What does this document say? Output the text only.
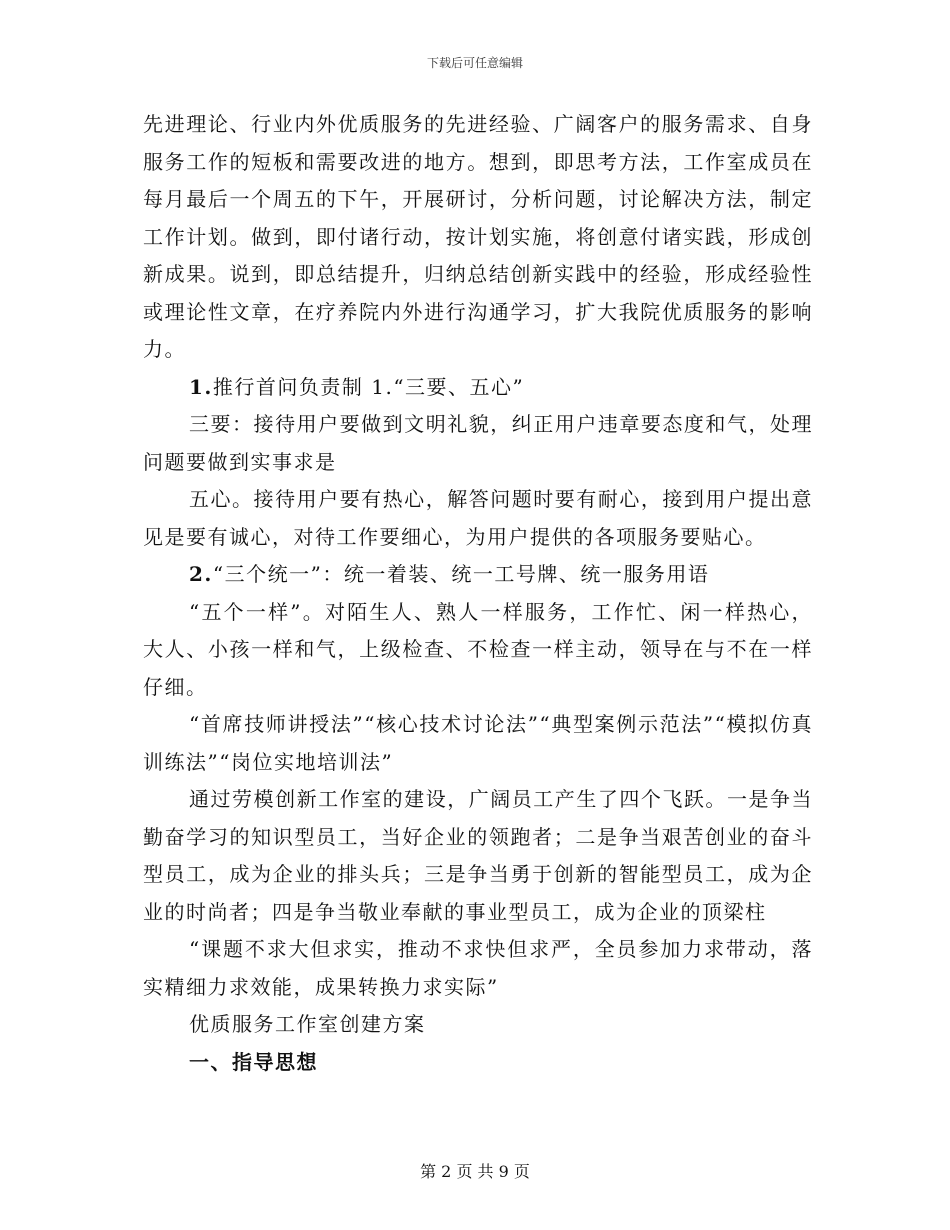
下载后可任意编辑

先进理论、行业内外优质服务的先进经验、广阔客户的服务需求、自身服务工作的短板和需要改进的地方。想到，即思考方法，工作室成员在每月最后一个周五的下午，开展研讨，分析问题，讨论解决方法，制定工作计划。做到，即付诸行动，按计划实施，将创意付诸实践，形成创新成果。说到，即总结提升，归纳总结创新实践中的经验，形成经验性或理论性文章，在疗养院内外进行沟通学习，扩大我院优质服务的影响力。

1.推行首问负责制 1.“三要、五心”

三要：接待用户要做到文明礼貌，纠正用户违章要态度和气，处理问题要做到实事求是

五心。接待用户要有热心，解答问题时要有耐心，接到用户提出意见是要有诚心，对待工作要细心，为用户提供的各项服务要贴心。

2.“三个统一”：统一着装、统一工号牌、统一服务用语

“五个一样”。对陌生人、熟人一样服务，工作忙、闲一样热心，大人、小孩一样和气，上级检查、不检查一样主动，领导在与不在一样仔细。

“首席技师讲授法”“核心技术讨论法”“典型案例示范法”“模拟仿真训练法”“岗位实地培训法”

通过劳模创新工作室的建设，广阔员工产生了四个飞跃。一是争当勤奋学习的知识型员工，当好企业的领跑者；二是争当艰苦创业的奋斗型员工，成为企业的排头兵；三是争当勇于创新的智能型员工，成为企业的时尚者；四是争当敬业奉献的事业型员工，成为企业的顶梁柱

“课题不求大但求实，推动不求快但求严，全员参加力求带动，落实精细力求效能，成果转换力求实际”

优质服务工作室创建方案

一、指导思想

第 2 页 共 9 页
